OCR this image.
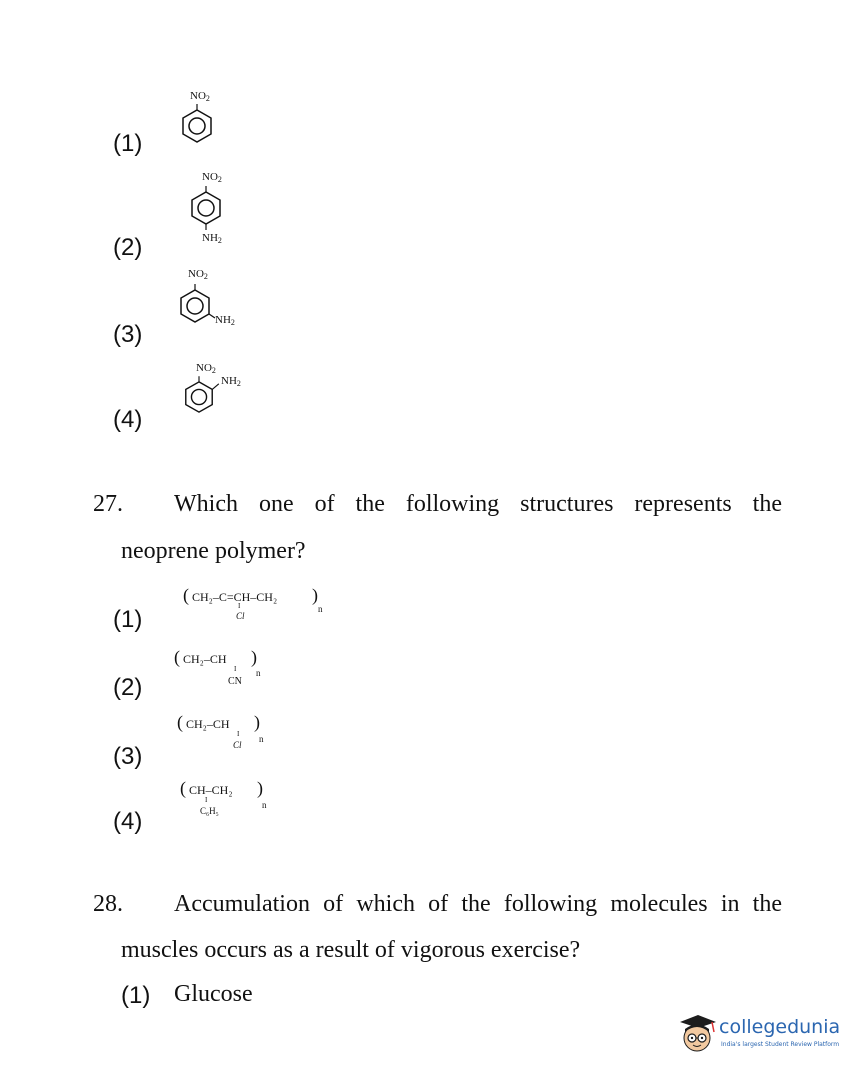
(1)
$NO_2$
(2)
$NO_2$
$NH_2$
(3)
$NO_2$
$NH_2$
(4)
$NO_2$
$NH_2$
27. Which one of the following structures represents the
neoprene polymer?
(1)
( CH₂–C=CH–CH₂ )
n
I
Cl
(2)
( CH₂–CH )
n
I
CN
(3)
( CH₂–CH )
n
I
Cl
(4)
( CH–CH₂ )
n
I
C₆H₅
28. Accumulation of which of the following molecules in the
muscles occurs as a result of vigorous exercise?
(1) Glucose
collegedunia
India's largest Student Review Platform
